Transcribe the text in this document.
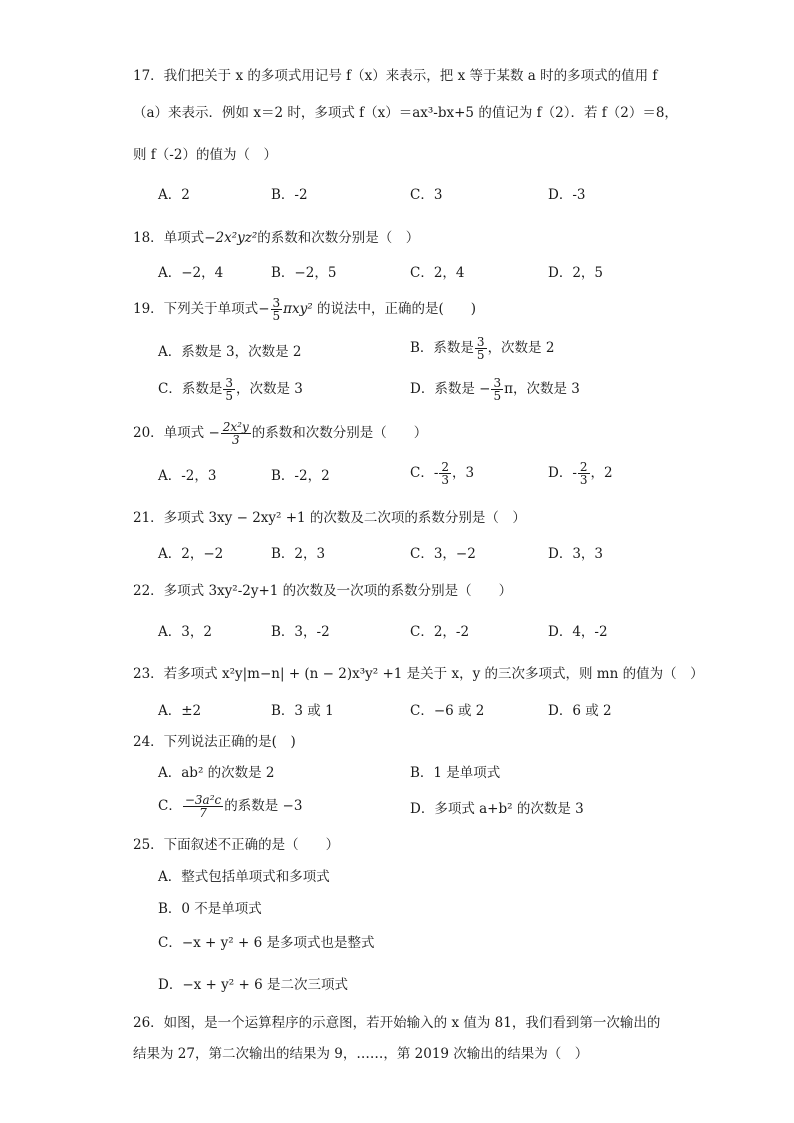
17．我们把关于 x 的多项式用记号 f（x）来表示，把 x 等于某数 a 时的多项式的值用 f
（a）来表示．例如 x＝2 时，多项式 f（x）＝ax³-bx+5 的值记为 f（2）．若 f（2）＝8，
则 f（-2）的值为（　）
A．2	B．-2	C．3	D．-3
18．单项式−2x²yz²的系数和次数分别是（　）
A．−2，4	B．−2，5	C．2，4	D．2，5
19．下列关于单项式− $\frac{3}{5} \pi xy^2$ 的说法中，正确的是(　　)
A．系数是 3，次数是 2	B．系数是 $\frac{3}{5}$ ，次数是 2
C．系数是 $\frac{3}{5}$ ，次数是 3	D．系数是 − $\frac{3}{5}$ π，次数是 3
20．单项式 − $\frac{\text{2x²y}}{3}$ 的系数和次数分别是（　　）
A．-2，3	B．-2，2	C．- $\frac{2}{3}$ ，3	D．- $\frac{2}{3}$ ，2
21．多项式 3xy − 2xy² +1 的次数及二次项的系数分别是（　）
A．2，−2	B．2，3	C．3，−2	D．3，3
22．多项式 3xy²-2y+1 的次数及一次项的系数分别是（　　）
A．3，2	B．3，-2	C．2，-2	D．4，-2
23．若多项式 x²y|m−n| + (n − 2)x³y² +1 是关于 x，y 的三次多项式，则 mn 的值为（　）
A．±2	B．3 或 1	C．−6 或 2	D．6 或 2
24．下列说法正确的是(　)
A．ab² 的次数是 2	B．1 是单项式
C． $\frac{\text{−3a²c}}{7}$ 的系数是 −3	D．多项式 a+b² 的次数是 3
25．下面叙述不正确的是（　　）
A．整式包括单项式和多项式
B．0 不是单项式
C．−x + y² + 6 是多项式也是整式
D．−x + y² + 6 是二次三项式
26．如图，是一个运算程序的示意图，若开始输入的 x 值为 81，我们看到第一次输出的
结果为 27，第二次输出的结果为 9，……，第 2019 次输出的结果为（　）
